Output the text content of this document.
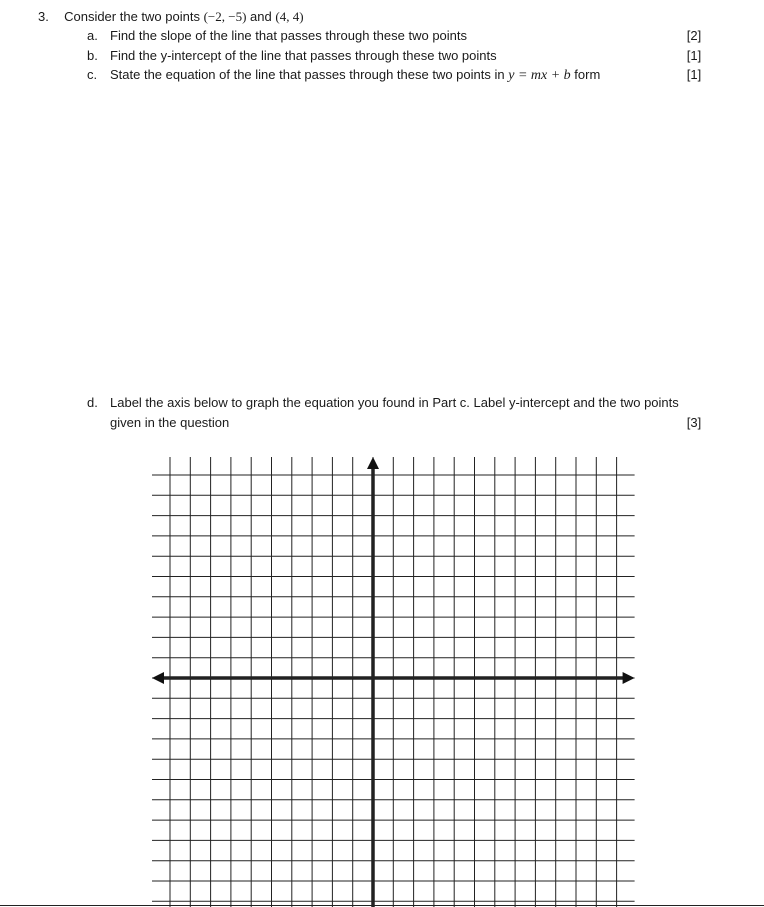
3. Consider the two points (−2, −5) and (4, 4)
a. Find the slope of the line that passes through these two points	[2]
b. Find the y-intercept of the line that passes through these two points	[1]
c. State the equation of the line that passes through these two points in y = mx + b form	[1]
d. Label the axis below to graph the equation you found in Part c. Label y-intercept and the two points
given in the question	[3]
